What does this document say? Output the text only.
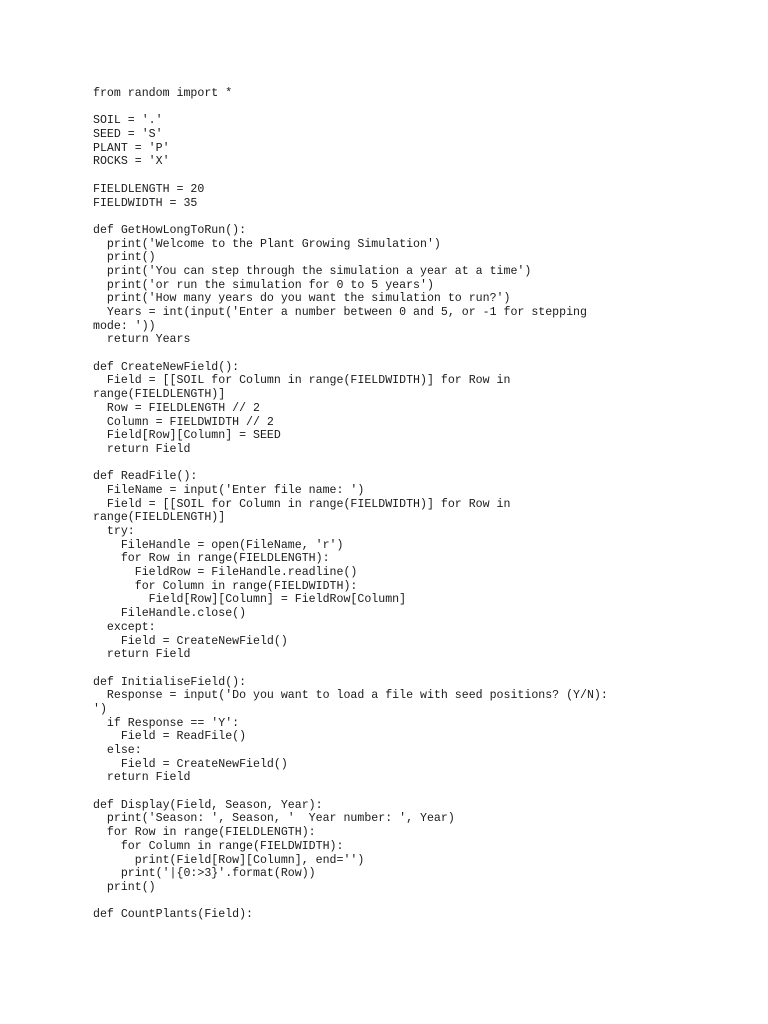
from random import *
SOIL = '.'
SEED = 'S'
PLANT = 'P'
ROCKS = 'X'
FIELDLENGTH = 20
FIELDWIDTH = 35
def GetHowLongToRun():
print('Welcome to the Plant Growing Simulation')
print()
print('You can step through the simulation a year at a time')
print('or run the simulation for 0 to 5 years')
print('How many years do you want the simulation to run?')
Years = int(input('Enter a number between 0 and 5, or -1 for stepping
mode: '))
return Years
def CreateNewField():
Field = [[SOIL for Column in range(FIELDWIDTH)] for Row in
range(FIELDLENGTH)]
Row = FIELDLENGTH // 2
Column = FIELDWIDTH // 2
Field[Row][Column] = SEED
return Field
def ReadFile():
FileName = input('Enter file name: ')
Field = [[SOIL for Column in range(FIELDWIDTH)] for Row in
range(FIELDLENGTH)]
try:
FileHandle = open(FileName, 'r')
for Row in range(FIELDLENGTH):
FieldRow = FileHandle.readline()
for Column in range(FIELDWIDTH):
Field[Row][Column] = FieldRow[Column]
FileHandle.close()
except:
Field = CreateNewField()
return Field
def InitialiseField():
Response = input('Do you want to load a file with seed positions? (Y/N):
')
if Response == 'Y':
Field = ReadFile()
else:
Field = CreateNewField()
return Field
def Display(Field, Season, Year):
print('Season: ', Season, '  Year number: ', Year)
for Row in range(FIELDLENGTH):
for Column in range(FIELDWIDTH):
print(Field[Row][Column], end='')
print('|{0:>3}'.format(Row))
print()
def CountPlants(Field):
